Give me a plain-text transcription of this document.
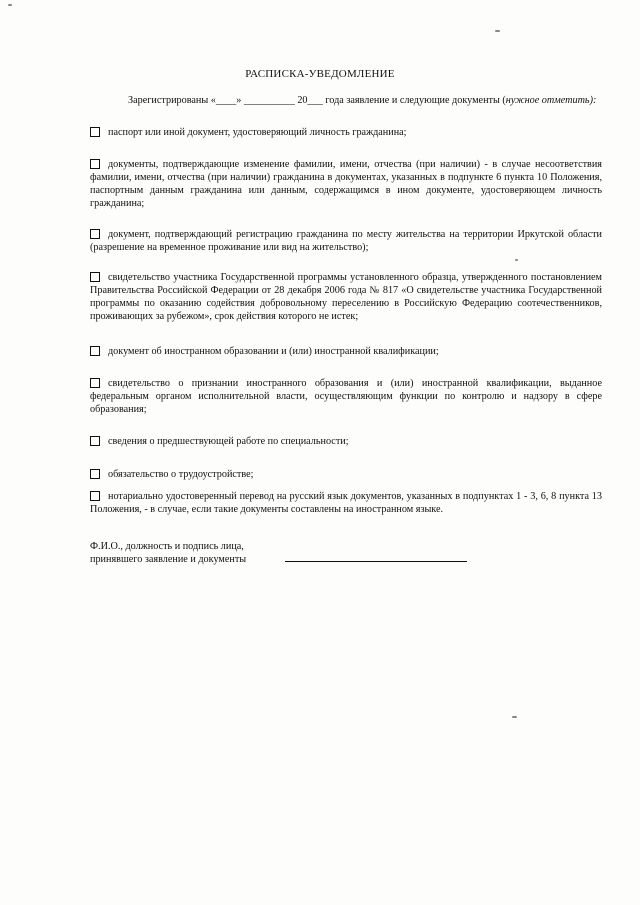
РАСПИСКА-УВЕДОМЛЕНИЕ
Зарегистрированы «____» __________ 20___ года заявление и следующие документы (нужное отметить):
паспорт или иной документ, удостоверяющий личность гражданина;
документы, подтверждающие изменение фамилии, имени, отчества (при наличии) - в случае несоответствия фамилии, имени, отчества (при наличии) гражданина в документах, указанных в подпункте 6 пункта 10 Положения, паспортным данным гражданина или данным, содержащимся в ином документе, удостоверяющем личность гражданина;
документ, подтверждающий регистрацию гражданина по месту жительства на территории Иркутской области (разрешение на временное проживание или вид на жительство);
свидетельство участника Государственной программы установленного образца, утвержденного постановлением Правительства Российской Федерации от 28 декабря 2006 года № 817 «О свидетельстве участника Государственной программы по оказанию содействия добровольному переселению в Российскую Федерацию соотечественников, проживающих за рубежом», срок действия которого не истек;
документ об иностранном образовании и (или) иностранной квалификации;
свидетельство о признании иностранного образования и (или) иностранной квалификации, выданное федеральным органом исполнительной власти, осуществляющим функции по контролю и надзору в сфере образования;
сведения о предшествующей работе по специальности;
обязательство о трудоустройстве;
нотариально удостоверенный перевод на русский язык документов, указанных в подпунктах 1 - 3, 6, 8 пункта 13 Положения, - в случае, если такие документы составлены на иностранном языке.
Ф.И.О., должность и подпись лица,
принявшего заявление и документы
